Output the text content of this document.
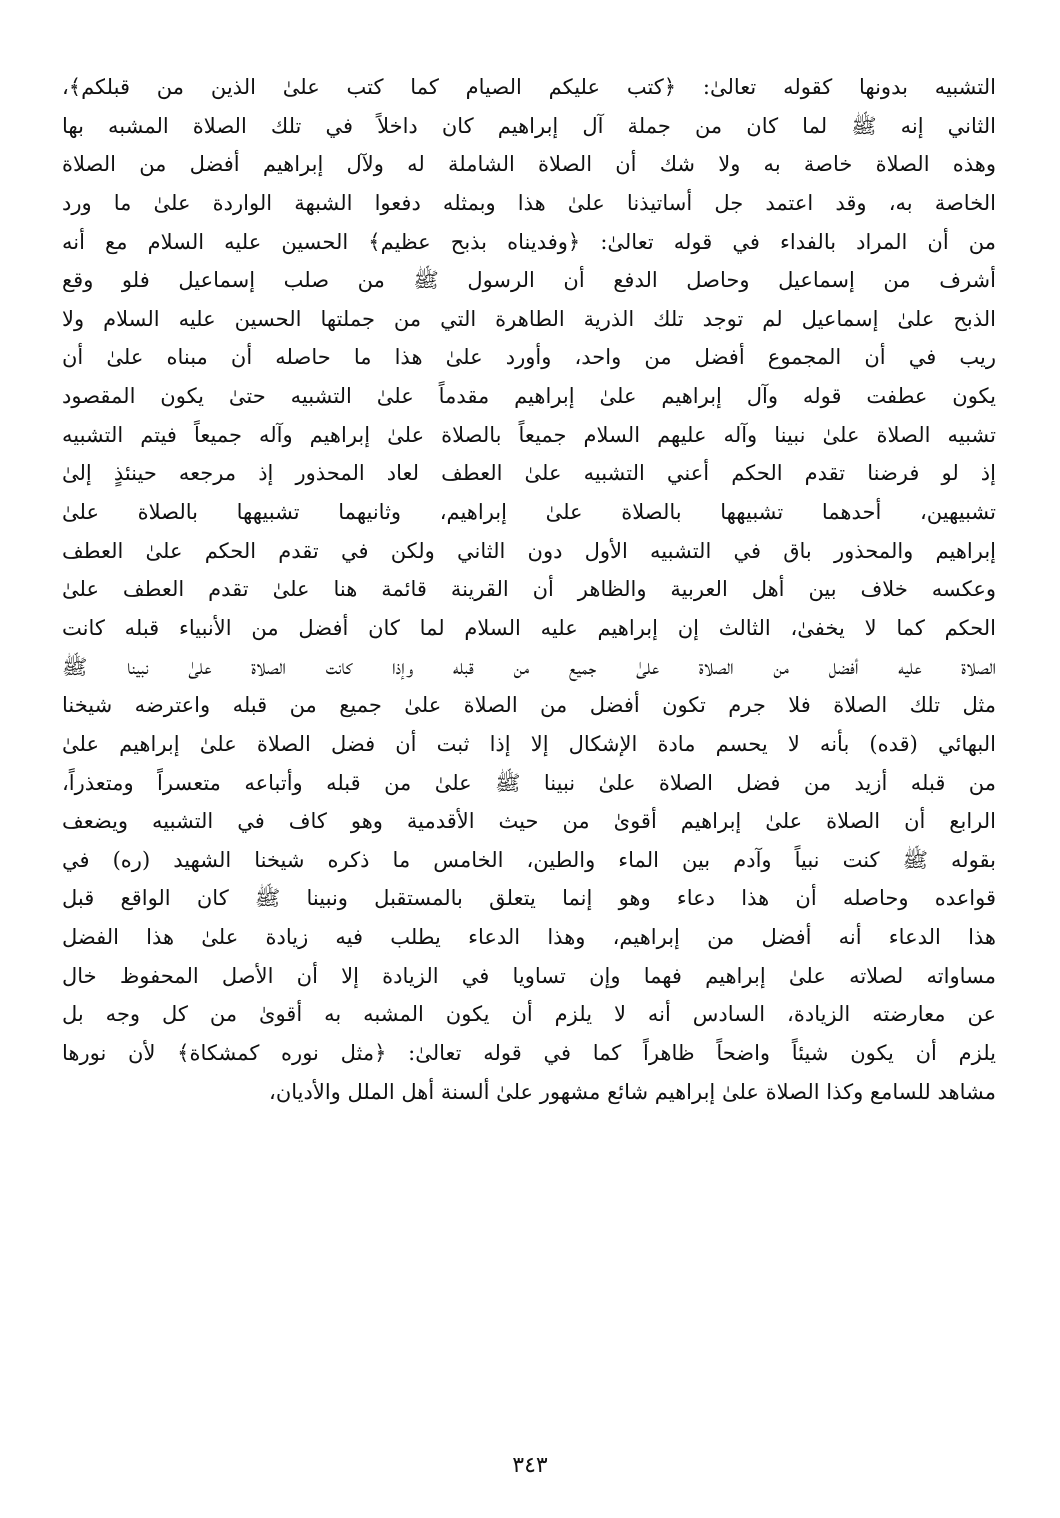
التشبيه بدونها كقوله تعالىٰ: ﴿كتب عليكم الصيام كما كتب علىٰ الذين من قبلكم﴾،
الثاني إنه ﷺ لما كان من جملة آل إبراهيم كان داخلاً في تلك الصلاة المشبه بها
وهذه الصلاة خاصة به ولا شك أن الصلاة الشاملة له ولآل إبراهيم أفضل من الصلاة
الخاصة به، وقد اعتمد جل أساتيذنا علىٰ هذا وبمثله دفعوا الشبهة الواردة علىٰ ما ورد
من أن المراد بالفداء في قوله تعالىٰ: ﴿وفديناه بذبح عظيم﴾ الحسين عليه السلام مع أنه
أشرف من إسماعيل وحاصل الدفع أن الرسول ﷺ من صلب إسماعيل فلو وقع
الذبح علىٰ إسماعيل لم توجد تلك الذرية الطاهرة التي من جملتها الحسين عليه السلام ولا
ريب في أن المجموع أفضل من واحد، وأورد علىٰ هذا ما حاصله أن مبناه علىٰ أن
يكون عطفت قوله وآل إبراهيم علىٰ إبراهيم مقدماً علىٰ التشبيه حتىٰ يكون المقصود
تشبيه الصلاة علىٰ نبينا وآله عليهم السلام جميعاً بالصلاة علىٰ إبراهيم وآله جميعاً فيتم التشبيه
إذ لو فرضنا تقدم الحكم أعني التشبيه علىٰ العطف لعاد المحذور إذ مرجعه حينئذٍ إلىٰ
تشبيهين، أحدهما تشبيهها بالصلاة علىٰ إبراهيم، وثانيهما تشبيهها بالصلاة علىٰ
إبراهيم والمحذور باق في التشبيه الأول دون الثاني ولكن في تقدم الحكم علىٰ العطف
وعكسه خلاف بين أهل العربية والظاهر أن القرينة قائمة هنا علىٰ تقدم العطف علىٰ
الحكم كما لا يخفىٰ، الثالث إن إبراهيم عليه السلام لما كان أفضل من الأنبياء قبله كانت
الصلاة عليه أفضل من الصلاة علىٰ جميع من قبله وإذا كانت الصلاة علىٰ نبينا ﷺ
مثل تلك الصلاة فلا جرم تكون أفضل من الصلاة علىٰ جميع من قبله واعترضه شيخنا
البهائي (قده) بأنه لا يحسم مادة الإشكال إلا إذا ثبت أن فضل الصلاة علىٰ إبراهيم علىٰ
من قبله أزيد من فضل الصلاة علىٰ نبينا ﷺ علىٰ من قبله وأتباعه متعسراً ومتعذراً،
الرابع أن الصلاة علىٰ إبراهيم أقوىٰ من حيث الأقدمية وهو كاف في التشبيه ويضعف
بقوله ﷺ كنت نبياً وآدم بين الماء والطين، الخامس ما ذكره شيخنا الشهيد (ره) في
قواعده وحاصله أن هذا دعاء وهو إنما يتعلق بالمستقبل ونبينا ﷺ كان الواقع قبل
هذا الدعاء أنه أفضل من إبراهيم، وهذا الدعاء يطلب فيه زيادة علىٰ هذا الفضل
مساواته لصلاته علىٰ إبراهيم فهما وإن تساويا في الزيادة إلا أن الأصل المحفوظ خال
عن معارضته الزيادة، السادس أنه لا يلزم أن يكون المشبه به أقوىٰ من كل وجه بل
يلزم أن يكون شيئاً واضحاً ظاهراً كما في قوله تعالىٰ: ﴿مثل نوره كمشكاة﴾ لأن نورها
مشاهد للسامع وكذا الصلاة علىٰ إبراهيم شائع مشهور علىٰ ألسنة أهل الملل والأديان،
٣٤٣
